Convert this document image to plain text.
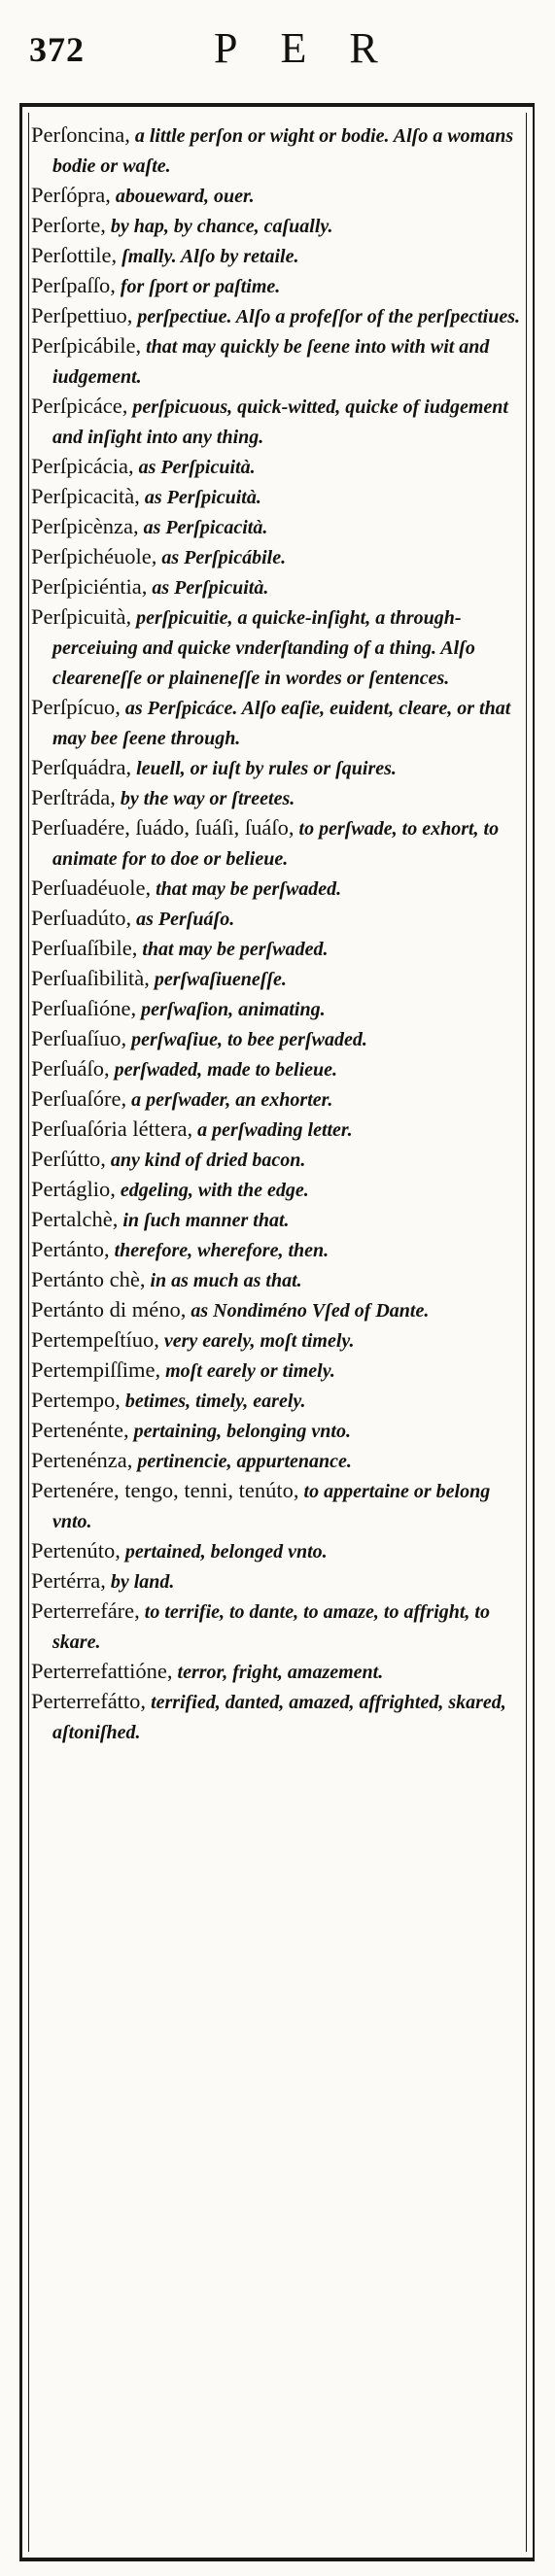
372	PER

Perſoncina, a little perſon or wight or bodie. Alſo a womans bodie or waſte.

Perſópra, aboueward, ouer.

Perſorte, by hap, by chance, caſually.

Perſottile, ſmally. Alſo by retaile.

Perſpaſſo, for ſport or paſtime.

Perſpettiuo, perſpectiue. Alſo a profeſſor of the perſpectiues.

Perſpicábile, that may quickly be ſeene into with wit and iudgement.

Perſpicáce, perſpicuous, quick-witted, quicke of iudgement and inſight into any thing.

Perſpicácia, as Perſpicuità.

Perſpicacità, as Perſpicuità.

Perſpicènza, as Perſpicacità.

Perſpichéuole, as Perſpicábile.

Perſpiciéntia, as Perſpicuità.

Perſpicuità, perſpicuitie, a quicke-inſight, a through-perceiuing and quicke vnderſtanding of a thing. Alſo cleareneſſe or plaineneſſe in wordes or ſentences.

Perſpícuo, as Perſpicáce. Alſo eaſie, euident, cleare, or that may bee ſeene through.

Perſquádra, leuell, or iuſt by rules or ſquires.

Perſtráda, by the way or ſtreetes.

Perſuadére, ſuádo, ſuáſi, ſuáſo, to perſwade, to exhort, to animate for to doe or belieue.

Perſuadéuole, that may be perſwaded.

Perſuadúto, as Perſuáſo.

Perſuaſíbile, that may be perſwaded.

Perſuaſibilità, perſwaſiueneſſe.

Perſuaſióne, perſwaſion, animating.

Perſuaſíuo, perſwaſiue, to bee perſwaded.

Perſuáſo, perſwaded, made to belieue.

Perſuaſóre, a perſwader, an exhorter.

Perſuaſória léttera, a perſwading letter.

Perſútto, any kind of dried bacon.

Pertáglio, edgeling, with the edge.

Pertalchè, in ſuch manner that.

Pertánto, therefore, wherefore, then.

Pertánto chè, in as much as that.

Pertánto di méno, as Nondiméno Vſed of Dante.

Pertempeſtíuo, very earely, moſt timely.

Pertempiſſime, moſt earely or timely.

Pertempo, betimes, timely, earely.

Pertenénte, pertaining, belonging vnto.

Pertenénza, pertinencie, appurtenance.

Pertenére, tengo, tenni, tenúto, to appertaine or belong vnto.

Pertenúto, pertained, belonged vnto.

Pertérra, by land.

Perterrefáre, to terrifie, to dante, to amaze, to affright, to skare.

Perterrefattióne, terror, fright, amazement.

Perterrefátto, terrified, danted, amazed, affrighted, skared, aſtoniſhed.
